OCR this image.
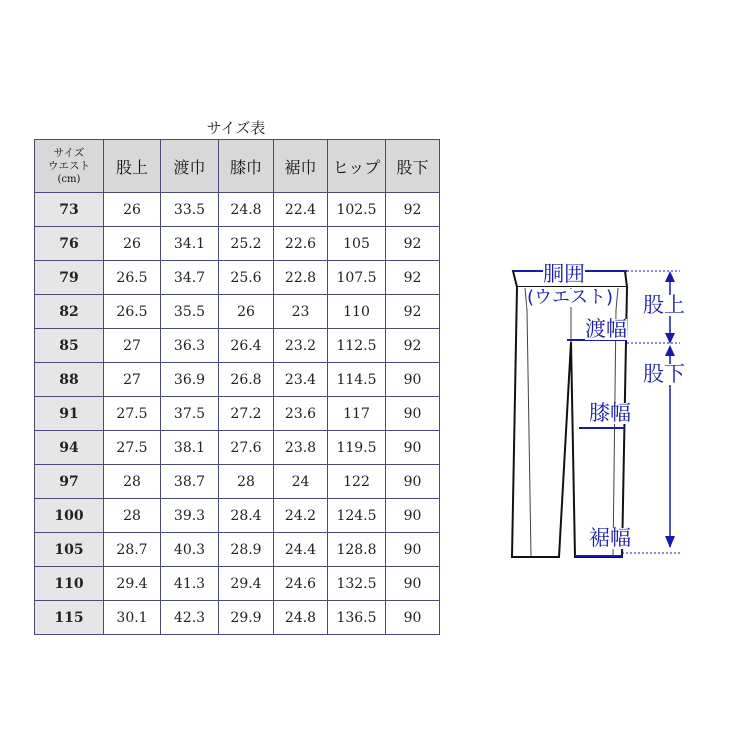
サイズ表
サイズ
ウエスト
(cm)	股上	渡巾	膝巾	裾巾	ヒップ	股下
73	26	33.5	24.8	22.4	102.5	92
76	26	34.1	25.2	22.6	105	92
79	26.5	34.7	25.6	22.8	107.5	92
82	26.5	35.5	26	23	110	92
85	27	36.3	26.4	23.2	112.5	92
88	27	36.9	26.8	23.4	114.5	90
91	27.5	37.5	27.2	23.6	117	90
94	27.5	38.1	27.6	23.8	119.5	90
97	28	38.7	28	24	122	90
100	28	39.3	28.4	24.2	124.5	90
105	28.7	40.3	28.9	24.4	128.8	90
110	29.4	41.3	29.4	24.6	132.5	90
115	30.1	42.3	29.9	24.8	136.5	90
胴囲
(ウエスト) 股上
渡幅
股下
膝幅
裾幅
